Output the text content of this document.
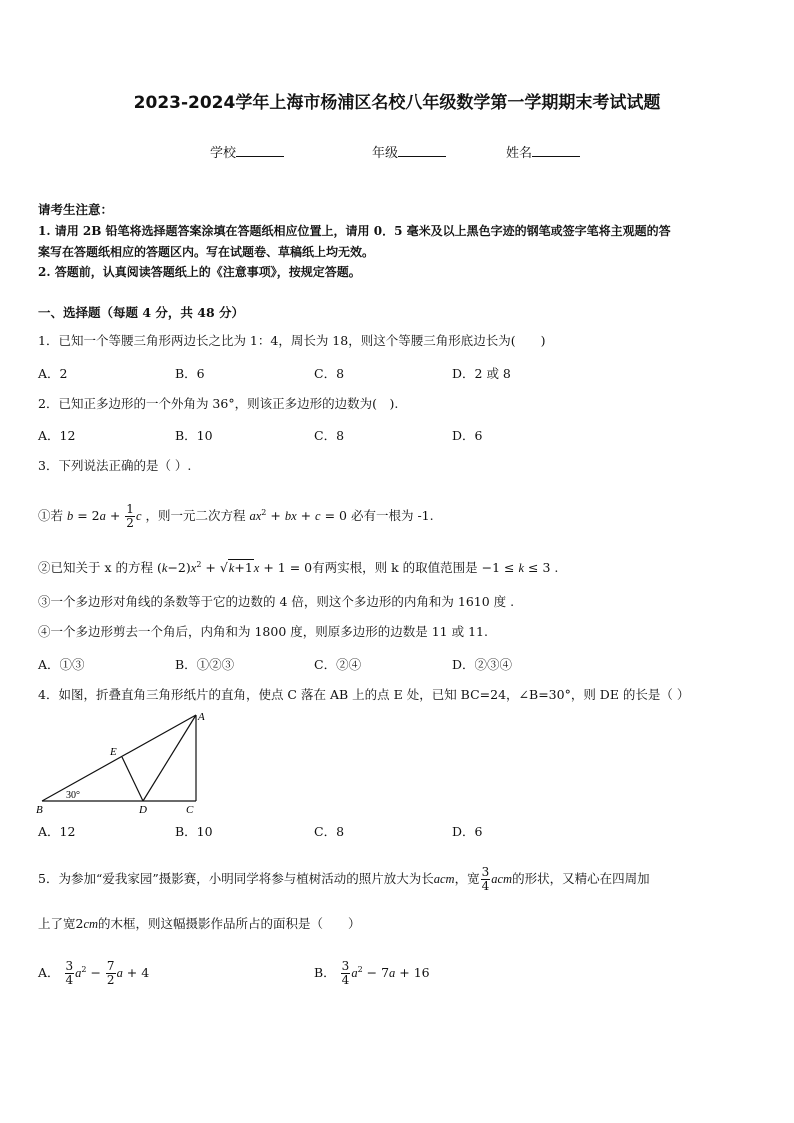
2023-2024学年上海市杨浦区名校八年级数学第一学期期末考试试题
学校	年级	姓名
请考生注意：
1. 请用 2B 铅笔将选择题答案涂填在答题纸相应位置上，请用 0．5 毫米及以上黑色字迹的钢笔或签字笔将主观题的答
案写在答题纸相应的答题区内。写在试题卷、草稿纸上均无效。
2. 答题前，认真阅读答题纸上的《注意事项》，按规定答题。
一、选择题（每题 4 分，共 48 分）
1．已知一个等腰三角形两边长之比为 1：4，周长为 18，则这个等腰三角形底边长为(　　)
A．2	B．6	C．8	D．2 或 8
2．已知正多边形的一个外角为 36°，则该正多边形的边数为(　).
A．12	B．10	C．8	D．6
3．下列说法正确的是（ ）.
①若 $b = 2a + \frac{1}{2}$ c ，则一元二次方程 $ax^2$ + bx + c = 0 必有一根为 -1.
②已知关于 x 的方程 $(k-2)x^2 + √k+1x + 1 = 0$有两实根，则 k 的取值范围是 −1 ≤ k ≤ 3 .
③一个多边形对角线的条数等于它的边数的 4 倍，则这个多边形的内角和为 1610 度 .
④一个多边形剪去一个角后，内角和为 1800 度，则原多边形的边数是 11 或 11.
A．①③	B．①②③	C．②④	D．②③④
4．如图，折叠直角三角形纸片的直角，使点 C 落在 AB 上的点 E 处，已知 BC=24，∠B=30°，则 DE 的长是（ ）
A
B	C
D
E
30°
A．12	B．10	C．8	D．6
5．为参加“爱我家园”摄影赛，小明同学将参与植树活动的照片放大为长acm，宽 $\frac{3}{4}$ acm的形状，又精心在四周加
上了宽2cm的木框，则这幅摄影作品所占的面积是（　　）
A． $\frac{3}{4} a^2 - \frac{7}{2}$ a + 4	B． $\frac{3}{4} a^2 - 7a + 16$
